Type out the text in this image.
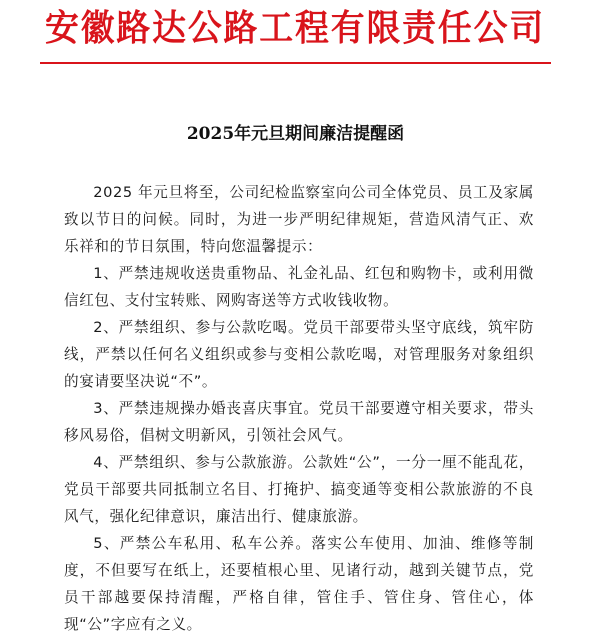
安徽路达公路工程有限责任公司
2025年元旦期间廉洁提醒函

2025 年元旦将至，公司纪检监察室向公司全体党员、员工及家属致以节日的问候。同时，为进一步严明纪律规矩，营造风清气正、欢乐祥和的节日氛围，特向您温馨提示：

1、严禁违规收送贵重物品、礼金礼品、红包和购物卡，或利用微信红包、支付宝转账、网购寄送等方式收钱收物。

2、严禁组织、参与公款吃喝。党员干部要带头坚守底线，筑牢防线，严禁以任何名义组织或参与变相公款吃喝，对管理服务对象组织的宴请要坚决说“不”。

3、严禁违规操办婚丧喜庆事宜。党员干部要遵守相关要求，带头移风易俗，倡树文明新风，引领社会风气。

4、严禁组织、参与公款旅游。公款姓“公”，一分一厘不能乱花，党员干部要共同抵制立名目、打掩护、搞变通等变相公款旅游的不良风气，强化纪律意识，廉洁出行、健康旅游。

5、严禁公车私用、私车公养。落实公车使用、加油、维修等制度，不但要写在纸上，还要植根心里、见诸行动，越到关键节点，党员干部越要保持清醒，严格自律，管住手、管住身、管住心，体现“公”字应有之义。
